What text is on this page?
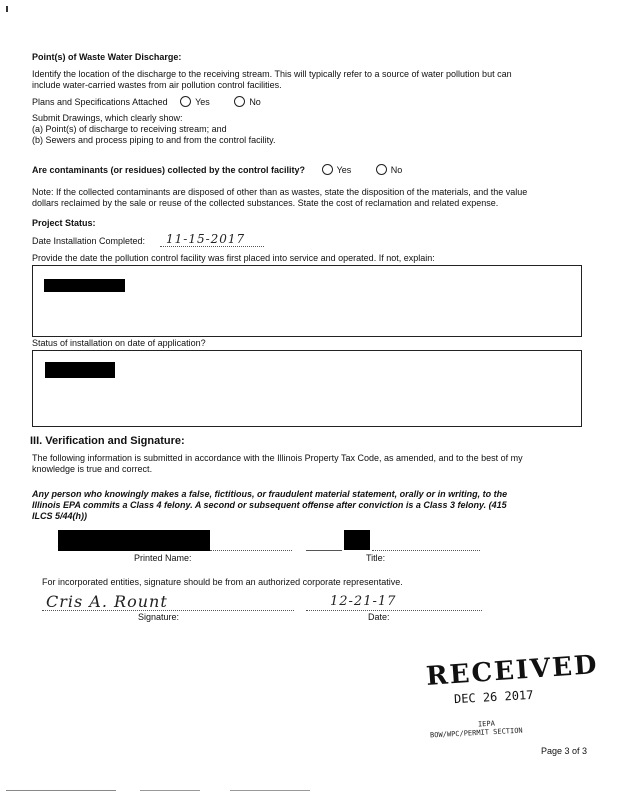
Point(s) of Waste Water Discharge:
Identify the location of the discharge to the receiving stream. This will typically refer to a source of water pollution but can
include water-carried wastes from air pollution control facilities.
Plans and Specifications Attached	Yes	No
Submit Drawings, which clearly show:
(a) Point(s) of discharge to receiving stream; and
(b) Sewers and process piping to and from the control facility.
Are contaminants (or residues) collected by the control facility?	Yes	No
Note: If the collected contaminants are disposed of other than as wastes, state the disposition of the materials, and the value
dollars reclaimed by the sale or reuse of the collected substances. State the cost of reclamation and related expense.
Project Status:
Date Installation Completed: 11-15-2017
Provide the date the pollution control facility was first placed into service and operated. If not, explain:
Status of installation on date of application?
III. Verification and Signature:
The following information is submitted in accordance with the Illinois Property Tax Code, as amended, and to the best of my
knowledge is true and correct.
Any person who knowingly makes a false, fictitious, or fraudulent material statement, orally or in writing, to the
Illinois EPA commits a Class 4 felony. A second or subsequent offense after conviction is a Class 3 felony. (415
ILCS 5/44(h))
Printed Name:	Title:
For incorporated entities, signature should be from an authorized corporate representative.
Cris A. Rount
Signature:
12-21-17
Date:
RECEIVED
DEC 26 2017
IEPA
BOW/WPC/PERMIT SECTION
Page 3 of 3
